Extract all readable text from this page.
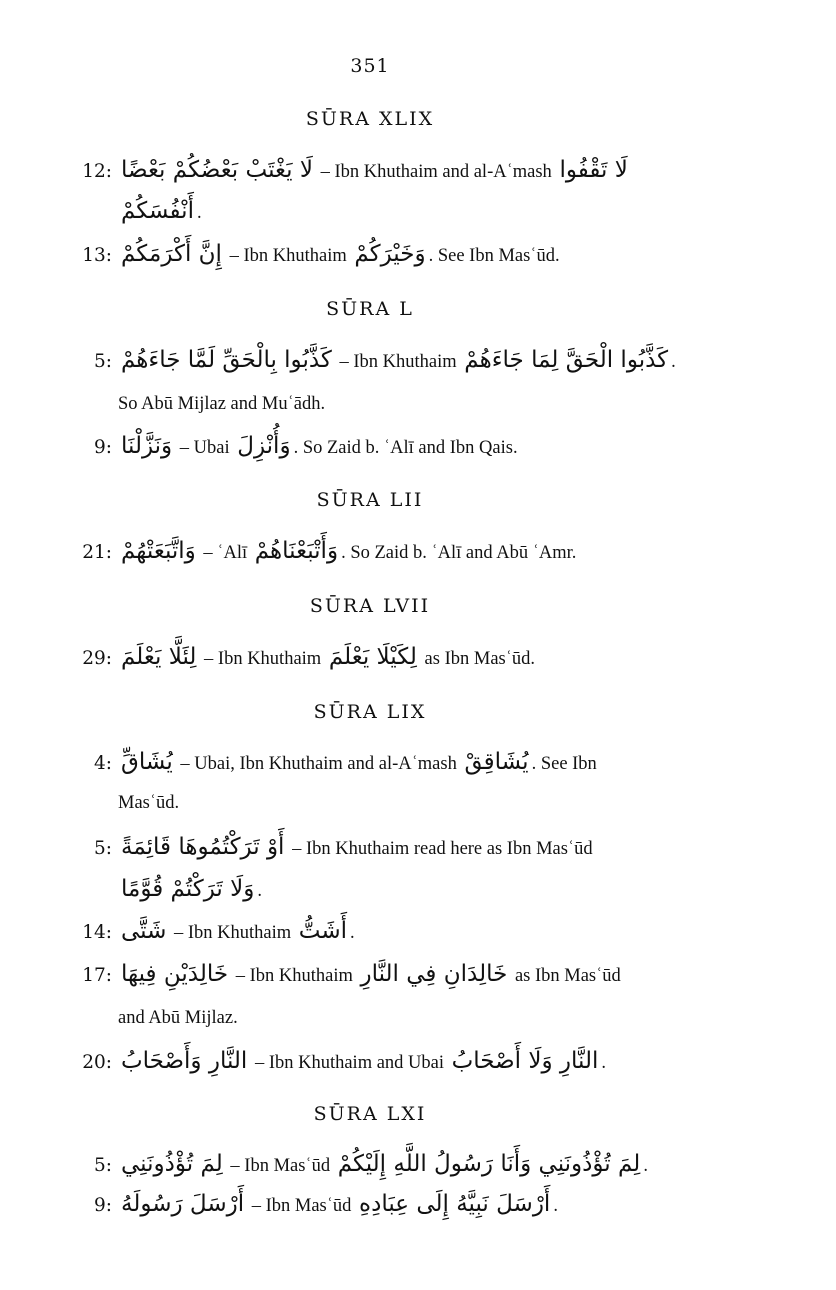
351
SŪRA XLIX
12: لَا يَغْتَبْ بَعْضُكُمْ بَعْضًا – Ibn Khuthaim and al-Aʿmash لَا تَقْفُوا
أَنْفُسَكُمْ .
13: إِنَّ أَكْرَمَكُمْ – Ibn Khuthaim وَخَيْرَكُمْ . See Ibn Masʿūd.
SŪRA L
5: كَذَّبُوا بِالْحَقِّ لَمَّا جَاءَهُمْ – Ibn Khuthaim كَذَّبُوا الْحَقَّ لِمَا جَاءَهُمْ .
So Abū Mijlaz and Muʿādh.
9: وَنَزَّلْنَا – Ubai وَأُنْزِلَ . So Zaid b. ʿAlī and Ibn Qais.
SŪRA LII
21: وَاتَّبَعَتْهُمْ – ʿAlī وَأَتْبَعْنَاهُمْ . So Zaid b. ʿAlī and Abū ʿAmr.
SŪRA LVII
29: لِئَلَّا يَعْلَمَ – Ibn Khuthaim لِكَيْلَا يَعْلَمَ as Ibn Masʿūd.
SŪRA LIX
4: يُشَاقِّ – Ubai, Ibn Khuthaim and al-Aʿmash يُشَاقِقْ . See Ibn
Masʿūd.
5: أَوْ تَرَكْتُمُوهَا قَائِمَةً – Ibn Khuthaim read here as Ibn Masʿūd
وَلَا تَرَكْتُمْ قُوَّمًا .
14: شَتَّى – Ibn Khuthaim أَشَتُّ .
17: خَالِدَيْنِ فِيهَا – Ibn Khuthaim خَالِدَانِ فِي النَّارِ as Ibn Masʿūd
and Abū Mijlaz.
20: النَّارِ وَأَصْحَابُ – Ibn Khuthaim and Ubai النَّارِ وَلَا أَصْحَابُ .
SŪRA LXI
5: لِمَ تُؤْذُونَنِي – Ibn Masʿūd لِمَ تُؤْذُونَنِي وَأَنَا رَسُولُ اللَّهِ إِلَيْكُمْ .
9: أَرْسَلَ رَسُولَهُ – Ibn Masʿūd أَرْسَلَ نَبِيَّهُ إِلَى عِبَادِهِ .
